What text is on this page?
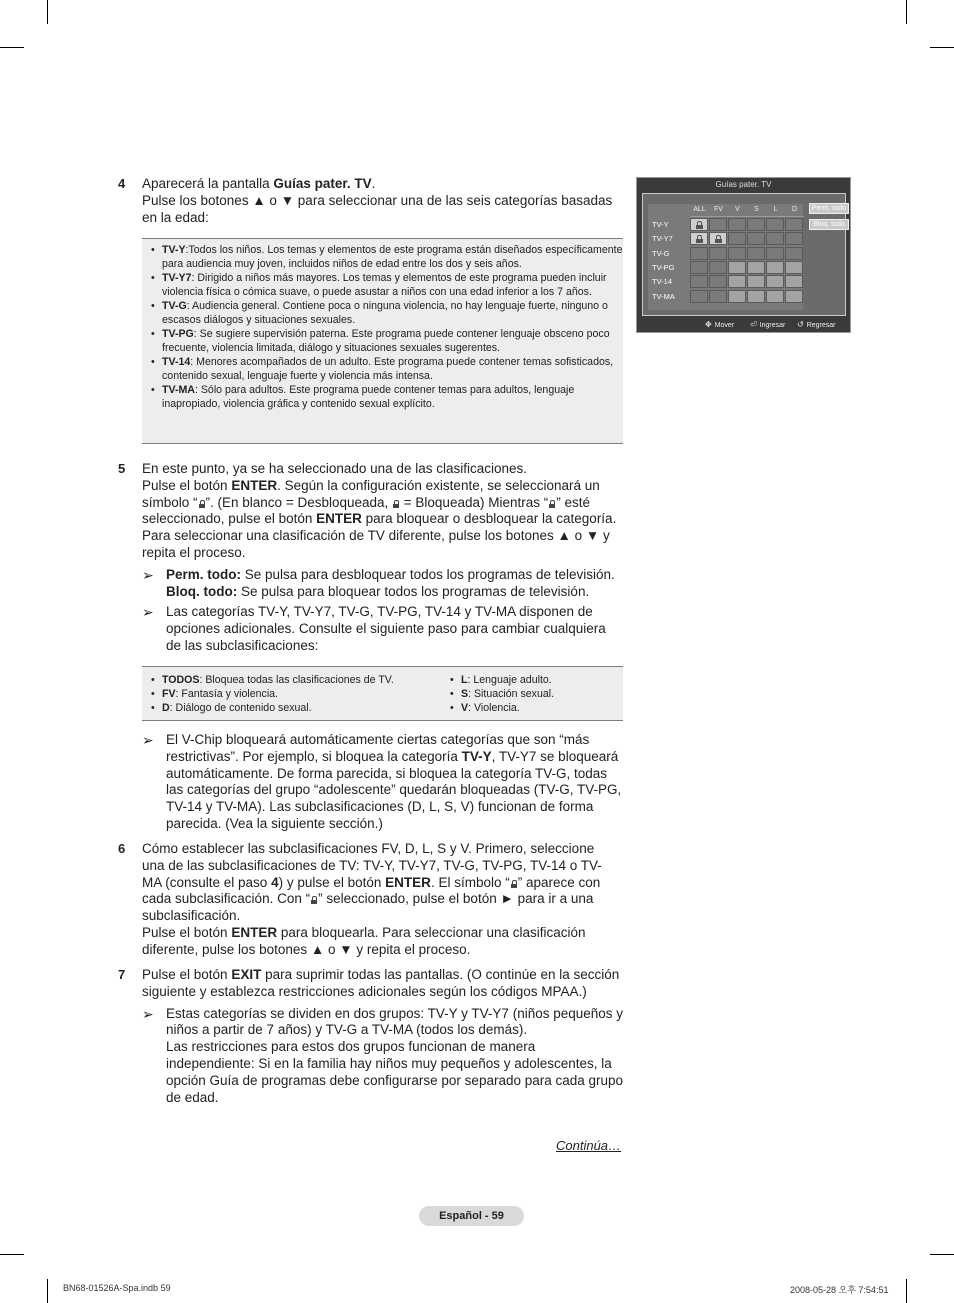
4 Aparecerá la pantalla Guías pater. TV.

Pulse los botones ▲ o ▼ para seleccionar una de las seis categorías basadas en la edad:

• TV-Y:Todos los niños. Los temas y elementos de este programa están diseñados específicamente para audiencia muy joven, incluidos niños de edad entre los dos y seis años.
• TV-Y7: Dirigido a niños más mayores. Los temas y elementos de este programa pueden incluir violencia física o cómica suave, o puede asustar a niños con una edad inferior a los 7 años.
• TV-G: Audiencia general. Contiene poca o ninguna violencia, no hay lenguaje fuerte, ninguno o escasos diálogos y situaciones sexuales.
• TV-PG: Se sugiere supervisión paterna. Este programa puede contener lenguaje obsceno poco frecuente, violencia limitada, diálogo y situaciones sexuales sugerentes.
• TV-14: Menores acompañados de un adulto. Este programa puede contener temas sofisticados, contenido sexual, lenguaje fuerte y violencia más intensa.
• TV-MA: Sólo para adultos. Este programa puede contener temas para adultos, lenguaje inapropiado, violencia gráfica y contenido sexual explícito.
Guías pater. TV
ALL	FV	V	S	L	D
TV-Y
TV-Y7
TV-G
TV-PG
TV-14
TV-MA
Perm. todo
Bloq. todo
✥ Mover ⏎ Ingresar ↺ Regresar
5 En este punto, ya se ha seleccionado una de las clasificaciones.

Pulse el botón ENTER. Según la configuración existente, se seleccionará un símbolo “ ”. (En blanco = Desbloqueada,  = Bloqueada) Mientras “ ” esté seleccionado, pulse el botón ENTER para bloquear o desbloquear la categoría. Para seleccionar una clasificación de TV diferente, pulse los botones ▲ o ▼ y repita el proceso.

➢ Perm. todo: Se pulsa para desbloquear todos los programas de televisión.
Bloq. todo: Se pulsa para bloquear todos los programas de televisión.
➢ Las categorías TV-Y, TV-Y7, TV-G, TV-PG, TV-14 y TV-MA disponen de opciones adicionales. Consulte el siguiente paso para cambiar cualquiera de las subclasificaciones:
• TODOS: Bloquea todas las clasificaciones de TV.
• FV: Fantasía y violencia.
• D: Diálogo de contenido sexual.
• L: Lenguaje adulto.
• S: Situación sexual.
• V: Violencia.
➢ El V-Chip bloqueará automáticamente ciertas categorías que son “más restrictivas”. Por ejemplo, si bloquea la categoría TV-Y, TV-Y7 se bloqueará automáticamente. De forma parecida, si bloquea la categoría TV-G, todas las categorías del grupo “adolescente” quedarán bloqueadas (TV-G, TV-PG, TV-14 y TV-MA). Las subclasificaciones (D, L, S, V) funcionan de forma parecida. (Vea la siguiente sección.)
6 Cómo establecer las subclasificaciones FV, D, L, S y V. Primero, seleccione una de las subclasificaciones de TV: TV-Y, TV-Y7, TV-G, TV-PG, TV-14 o TV-MA (consulte el paso 4) y pulse el botón ENTER. El símbolo “ ” aparece con cada subclasificación. Con “ ” seleccionado, pulse el botón ► para ir a una subclasificación.

Pulse el botón ENTER para bloquearla. Para seleccionar una clasificación diferente, pulse los botones ▲ o ▼ y repita el proceso.

7 Pulse el botón EXIT para suprimir todas las pantallas. (O continúe en la sección siguiente y establezca restricciones adicionales según los códigos MPAA.)

➢ Estas categorías se dividen en dos grupos: TV-Y y TV-Y7 (niños pequeños y niños a partir de 7 años) y TV-G a TV-MA (todos los demás).
Las restricciones para estos dos grupos funcionan de manera independiente: Si en la familia hay niños muy pequeños y adolescentes, la opción Guía de programas debe configurarse por separado para cada grupo de edad.
Continúa…
Español - 59
BN68-01526A-Spa.indb 59	2008-05-28 오후 7:54:51
